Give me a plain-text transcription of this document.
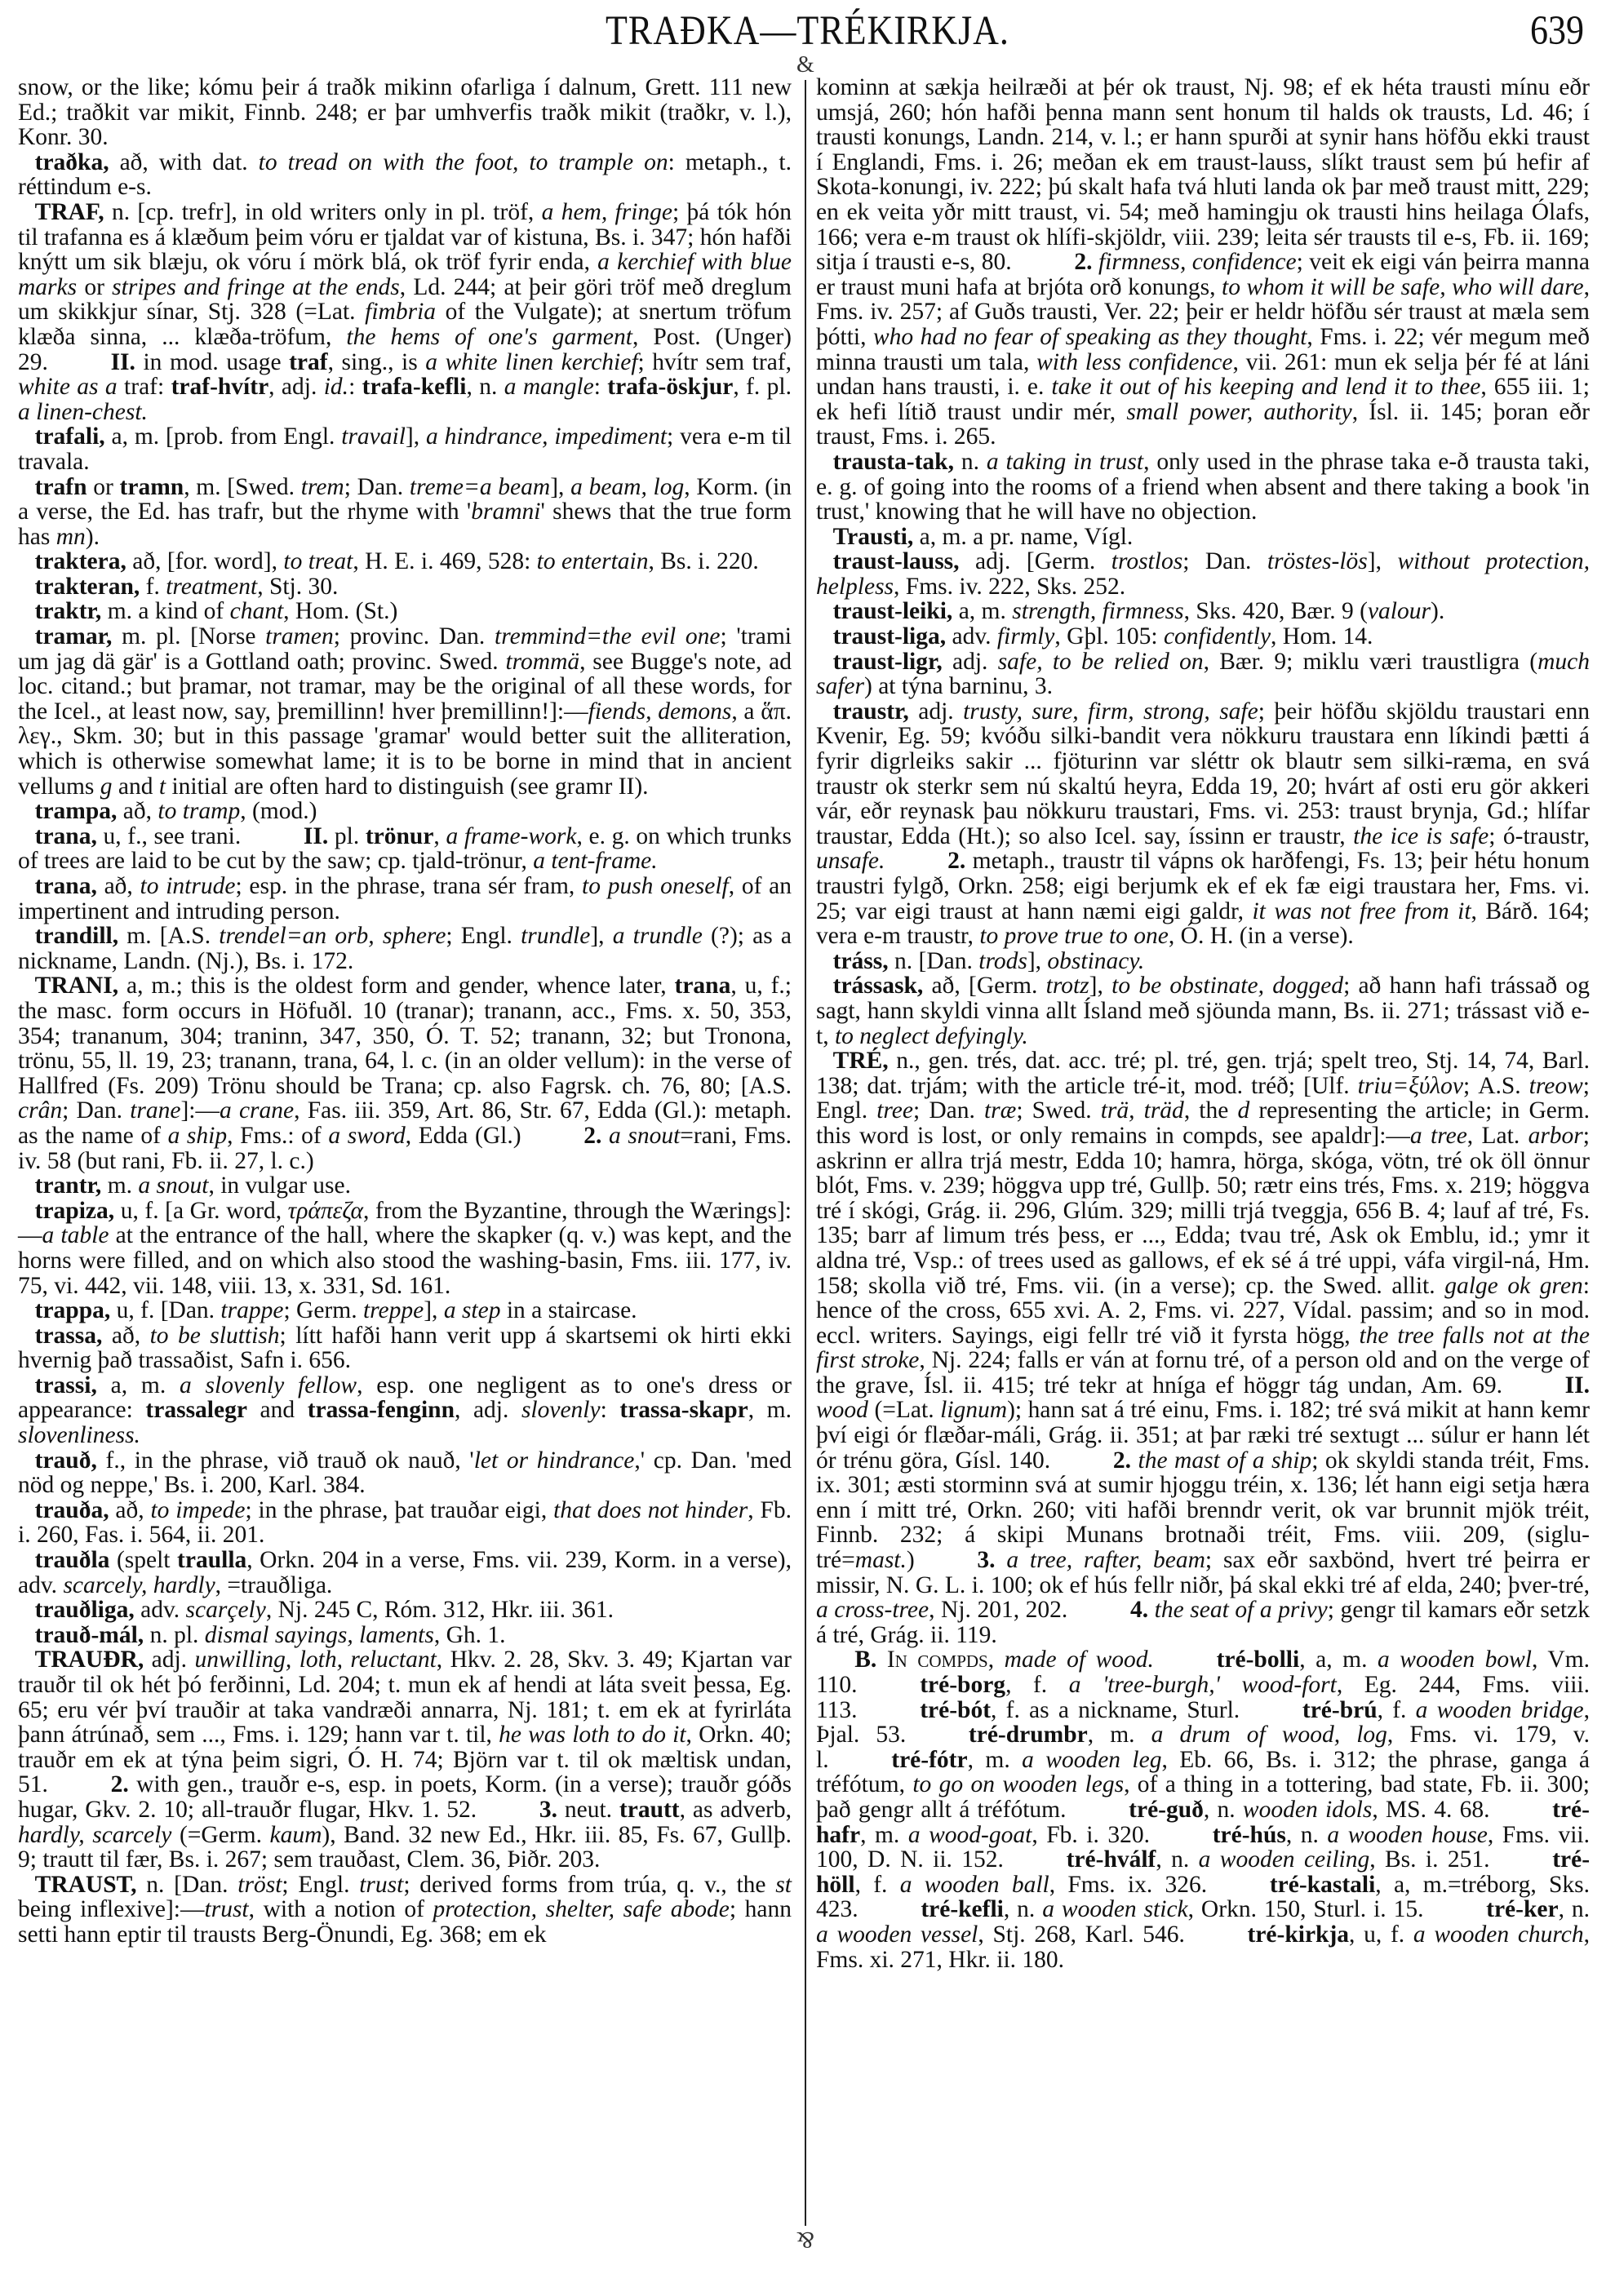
TRAÐKA—TRÉKIRKJA.	639

snow, or the like; kómu þeir á traðk mikinn ofarliga í dalnum, Grett. 111 new Ed.; traðkit var mikit, Finnb. 248; er þar umhverfis traðk mikit (traðkr, v. l.), Konr. 30.

traðka, að, with dat. to tread on with the foot, to trample on: metaph., t. réttindum e-s.

TRAF, n. [cp. trefr], in old writers only in pl. tröf, a hem, fringe; þá tók hón til trafanna es á klæðum þeim vóru er tjaldat var of kistuna, Bs. i. 347; hón hafði knýtt um sik blæju, ok vóru í mörk blá, ok tröf fyrir enda, a kerchief with blue marks or stripes and fringe at the ends, Ld. 244; at þeir göri tröf með dreglum um skikkjur sínar, Stj. 328 (=Lat. fimbria of the Vulgate); at snertum tröfum klæða sinna, ... klæða-tröfum, the hems of one's garment, Post. (Unger) 29.	II. in mod. usage traf, sing., is a white linen kerchief; hvítr sem traf, white as a traf: traf-hvítr, adj. id.: trafa-kefli, n. a mangle: trafa-öskjur, f. pl. a linen-chest.

trafali, a, m. [prob. from Engl. travail], a hindrance, impediment; vera e-m til travala.

trafn or tramn, m. [Swed. trem; Dan. treme=a beam], a beam, log, Korm. (in a verse, the Ed. has trafr, but the rhyme with 'bramni' shews that the true form has mn).

traktera, að, [for. word], to treat, H. E. i. 469, 528: to entertain, Bs. i. 220.

trakteran, f. treatment, Stj. 30.

traktr, m. a kind of chant, Hom. (St.)

tramar, m. pl. [Norse tramen; provinc. Dan. tremmind=the evil one; 'trami um jag dä gär' is a Gottland oath; provinc. Swed. trommä, see Bugge's note, ad loc. citand.; but þramar, not tramar, may be the original of all these words, for the Icel., at least now, say, þremillinn! hver þremillinn!]:—fiends, demons, a ἅπ. λεγ., Skm. 30; but in this passage 'gramar' would better suit the alliteration, which is otherwise somewhat lame; it is to be borne in mind that in ancient vellums g and t initial are often hard to distinguish (see gramr II).

trampa, að, to tramp, (mod.)

trana, u, f., see trani.	II. pl. trönur, a frame-work, e. g. on which trunks of trees are laid to be cut by the saw; cp. tjald-trönur, a tent-frame.

trana, að, to intrude; esp. in the phrase, trana sér fram, to push oneself, of an impertinent and intruding person.

trandill, m. [A.S. trendel=an orb, sphere; Engl. trundle], a trundle (?); as a nickname, Landn. (Nj.), Bs. i. 172.

TRANI, a, m.; this is the oldest form and gender, whence later, trana, u, f.; the masc. form occurs in Höfuðl. 10 (tranar); tranann, acc., Fms. x. 50, 353, 354; trananum, 304; traninn, 347, 350, Ó. T. 52; tranann, 32; but Tronona, trönu, 55, ll. 19, 23; tranann, trana, 64, l. c. (in an older vellum): in the verse of Hallfred (Fs. 209) Trönu should be Trana; cp. also Fagrsk. ch. 76, 80; [A.S. crân; Dan. trane]:—a crane, Fas. iii. 359, Art. 86, Str. 67, Edda (Gl.): metaph. as the name of a ship, Fms.: of a sword, Edda (Gl.)	2. a snout=rani, Fms. iv. 58 (but rani, Fb. ii. 27, l. c.)

trantr, m. a snout, in vulgar use.

trapiza, u, f. [a Gr. word, τράπεζα, from the Byzantine, through the Wærings]:—a table at the entrance of the hall, where the skapker (q. v.) was kept, and the horns were filled, and on which also stood the washing-basin, Fms. iii. 177, iv. 75, vi. 442, vii. 148, viii. 13, x. 331, Sd. 161.

trappa, u, f. [Dan. trappe; Germ. treppe], a step in a staircase.

trassa, að, to be sluttish; lítt hafði hann verit upp á skartsemi ok hirti ekki hvernig það trassaðist, Safn i. 656.

trassi, a, m. a slovenly fellow, esp. one negligent as to one's dress or appearance: trassalegr and trassa-fenginn, adj. slovenly: trassa-skapr, m. slovenliness.

trauð, f., in the phrase, við trauð ok nauð, 'let or hindrance,' cp. Dan. 'med nöd og neppe,' Bs. i. 200, Karl. 384.

trauða, að, to impede; in the phrase, þat trauðar eigi, that does not hinder, Fb. i. 260, Fas. i. 564, ii. 201.

trauðla (spelt traulla, Orkn. 204 in a verse, Fms. vii. 239, Korm. in a verse), adv. scarcely, hardly, =trauðliga.

trauðliga, adv. scarçely, Nj. 245 C, Róm. 312, Hkr. iii. 361.

trauð-mál, n. pl. dismal sayings, laments, Gh. 1.

TRAUÐR, adj. unwilling, loth, reluctant, Hkv. 2. 28, Skv. 3. 49; Kjartan var trauðr til ok hét þó ferðinni, Ld. 204; t. mun ek af hendi at láta sveit þessa, Eg. 65; eru vér því trauðir at taka vandræði annarra, Nj. 181; t. em ek at fyrirláta þann átrúnað, sem ..., Fms. i. 129; hann var t. til, he was loth to do it, Orkn. 40; trauðr em ek at týna þeim sigri, Ó. H. 74; Björn var t. til ok mæltisk undan, 51.	2. with gen., trauðr e-s, esp. in poets, Korm. (in a verse); trauðr góðs hugar, Gkv. 2. 10; all-trauðr flugar, Hkv. 1. 52.	3. neut. trautt, as adverb, hardly, scarcely (=Germ. kaum), Band. 32 new Ed., Hkr. iii. 85, Fs. 67, Gullþ. 9; trautt til fær, Bs. i. 267; sem trauðast, Clem. 36, Þiðr. 203.

TRAUST, n. [Dan. tröst; Engl. trust; derived forms from trúa, q. v., the st being inflexive]:—trust, with a notion of protection, shelter, safe abode; hann setti hann eptir til trausts Berg-Önundi, Eg. 368; em ek

&
&

kominn at sækja heilræði at þér ok traust, Nj. 98; ef ek héta trausti mínu eðr umsjá, 260; hón hafði þenna mann sent honum til halds ok trausts, Ld. 46; í trausti konungs, Landn. 214, v. l.; er hann spurði at synir hans höfðu ekki traust í Englandi, Fms. i. 26; meðan ek em traust-lauss, slíkt traust sem þú hefir af Skota-konungi, iv. 222; þú skalt hafa tvá hluti landa ok þar með traust mitt, 229; en ek veita yðr mitt traust, vi. 54; með hamingju ok trausti hins heilaga Ólafs, 166; vera e-m traust ok hlífi-skjöldr, viii. 239; leita sér trausts til e-s, Fb. ii. 169; sitja í trausti e-s, 80.	2. firmness, confidence; veit ek eigi ván þeirra manna er traust muni hafa at brjóta orð konungs, to whom it will be safe, who will dare, Fms. iv. 257; af Guðs trausti, Ver. 22; þeir er heldr höfðu sér traust at mæla sem þótti, who had no fear of speaking as they thought, Fms. i. 22; vér megum með minna trausti um tala, with less confidence, vii. 261: mun ek selja þér fé at láni undan hans trausti, i. e. take it out of his keeping and lend it to thee, 655 iii. 1; ek hefi lítið traust undir mér, small power, authority, Ísl. ii. 145; þoran eðr traust, Fms. i. 265.

trausta-tak, n. a taking in trust, only used in the phrase taka e-ð trausta taki, e. g. of going into the rooms of a friend when absent and there taking a book 'in trust,' knowing that he will have no objection.

Trausti, a, m. a pr. name, Vígl.

traust-lauss, adj. [Germ. trostlos; Dan. tröstes-lös], without protection, helpless, Fms. iv. 222, Sks. 252.

traust-leiki, a, m. strength, firmness, Sks. 420, Bær. 9 (valour).

traust-liga, adv. firmly, Gþl. 105: confidently, Hom. 14.

traust-ligr, adj. safe, to be relied on, Bær. 9; miklu væri traustligra (much safer) at týna barninu, 3.

traustr, adj. trusty, sure, firm, strong, safe; þeir höfðu skjöldu traustari enn Kvenir, Eg. 59; kvóðu silki-bandit vera nökkuru traustara enn líkindi þætti á fyrir digrleiks sakir ... fjöturinn var sléttr ok blautr sem silki-ræma, en svá traustr ok sterkr sem nú skaltú heyra, Edda 19, 20; hvárt af osti eru gör akkeri vár, eðr reynask þau nökkuru traustari, Fms. vi. 253: traust brynja, Gd.; hlífar traustar, Edda (Ht.); so also Icel. say, íssinn er traustr, the ice is safe; ó-traustr, unsafe.	2. metaph., traustr til vápns ok harðfengi, Fs. 13; þeir hétu honum traustri fylgð, Orkn. 258; eigi berjumk ek ef ek fæ eigi traustara her, Fms. vi. 25; var eigi traust at hann næmi eigi galdr, it was not free from it, Bárð. 164; vera e-m traustr, to prove true to one, Ó. H. (in a verse).

tráss, n. [Dan. trods], obstinacy.

trássask, að, [Germ. trotz], to be obstinate, dogged; að hann hafi trássað og sagt, hann skyldi vinna allt Ísland með sjöunda mann, Bs. ii. 271; trássast við e-t, to neglect defyingly.

TRÉ, n., gen. trés, dat. acc. tré; pl. tré, gen. trjá; spelt treo, Stj. 14, 74, Barl. 138; dat. trjám; with the article tré-it, mod. tréð; [Ulf. triu=ξύλον; A.S. treow; Engl. tree; Dan. træ; Swed. trä, träd, the d representing the article; in Germ. this word is lost, or only remains in compds, see apaldr]:—a tree, Lat. arbor; askrinn er allra trjá mestr, Edda 10; hamra, hörga, skóga, vötn, tré ok öll önnur blót, Fms. v. 239; höggva upp tré, Gullþ. 50; rætr eins trés, Fms. x. 219; höggva tré í skógi, Grág. ii. 296, Glúm. 329; milli trjá tveggja, 656 B. 4; lauf af tré, Fs. 135; barr af limum trés þess, er ..., Edda; tvau tré, Ask ok Emblu, id.; ymr it aldna tré, Vsp.: of trees used as gallows, ef ek sé á tré uppi, váfa virgil-ná, Hm. 158; skolla við tré, Fms. vii. (in a verse); cp. the Swed. allit. galge ok gren: hence of the cross, 655 xvi. A. 2, Fms. vi. 227, Vídal. passim; and so in mod. eccl. writers. Sayings, eigi fellr tré við it fyrsta högg, the tree falls not at the first stroke, Nj. 224; falls er ván at fornu tré, of a person old and on the verge of the grave, Ísl. ii. 415; tré tekr at hníga ef höggr tág undan, Am. 69.	II. wood (=Lat. lignum); hann sat á tré einu, Fms. i. 182; tré svá mikit at hann kemr því eigi ór flæðar-máli, Grág. ii. 351; at þar ræki tré sextugt ... súlur er hann lét ór trénu göra, Gísl. 140.	2. the mast of a ship; ok skyldi standa tréit, Fms. ix. 301; æsti storminn svá at sumir hjoggu tréin, x. 136; lét hann eigi setja hæra enn í mitt tré, Orkn. 260; viti hafði brenndr verit, ok var brunnit mjök tréit, Finnb. 232; á skipi Munans brotnaði tréit, Fms. viii. 209, (siglu-tré=mast.)	3. a tree, rafter, beam; sax eðr saxbönd, hvert tré þeirra er missir, N. G. L. i. 100; ok ef hús fellr niðr, þá skal ekki tré af elda, 240; þver-tré, a cross-tree, Nj. 201, 202.	4. the seat of a privy; gengr til kamars eðr setzk á tré, Grág. ii. 119.

B. In compds, made of wood.	tré-bolli, a, m. a wooden bowl, Vm. 110.	tré-borg, f. a 'tree-burgh,' wood-fort, Eg. 244, Fms. viii. 113.	tré-bót, f. as a nickname, Sturl.	tré-brú, f. a wooden bridge, Þjal. 53.	tré-drumbr, m. a drum of wood, log, Fms. vi. 179, v. l.	tré-fótr, m. a wooden leg, Eb. 66, Bs. i. 312; the phrase, ganga á tréfótum, to go on wooden legs, of a thing in a tottering, bad state, Fb. ii. 300; það gengr allt á tréfótum.	tré-guð, n. wooden idols, MS. 4. 68.	tré-hafr, m. a wood-goat, Fb. i. 320.	tré-hús, n. a wooden house, Fms. vii. 100, D. N. ii. 152.	tré-hválf, n. a wooden ceiling, Bs. i. 251.	tré-höll, f. a wooden ball, Fms. ix. 326.	tré-kastali, a, m.=tréborg, Sks. 423.	tré-kefli, n. a wooden stick, Orkn. 150, Sturl. i. 15.	tré-ker, n. a wooden vessel, Stj. 268, Karl. 546.	tré-kirkja, u, f. a wooden church, Fms. xi. 271, Hkr. ii. 180.
